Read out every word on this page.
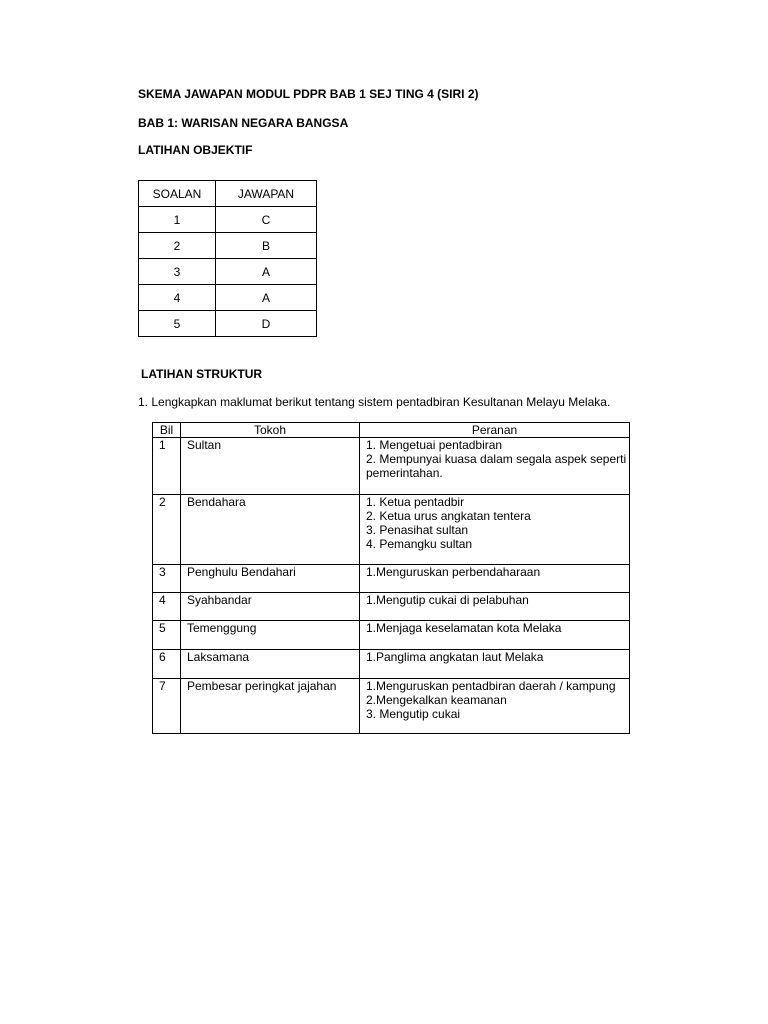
SKEMA JAWAPAN MODUL PDPR BAB 1 SEJ TING 4 (SIRI 2)
BAB 1: WARISAN NEGARA BANGSA
LATIHAN OBJEKTIF
SOALAN	JAWAPAN
1	C
2	B
3	A
4	A
5	D
LATIHAN STRUKTUR
1. Lengkapkan maklumat berikut tentang sistem pentadbiran Kesultanan Melayu Melaka.
Bil	Tokoh	Peranan
1	Sultan	1. Mengetuai pentadbiran
2. Mempunyai kuasa dalam segala aspek seperti
pemerintahan.

2	Bendahara	1. Ketua pentadbir
2. Ketua urus angkatan tentera
3. Penasihat sultan
4. Pemangku sultan

3	Penghulu Bendahari	1.Menguruskan perbendaharaan

4	Syahbandar	1.Mengutip cukai di pelabuhan

5	Temenggung	1.Menjaga keselamatan kota Melaka

6	Laksamana	1.Panglima angkatan laut Melaka

7	Pembesar peringkat jajahan	1.Menguruskan pentadbiran daerah / kampung
2.Mengekalkan keamanan
3. Mengutip cukai
